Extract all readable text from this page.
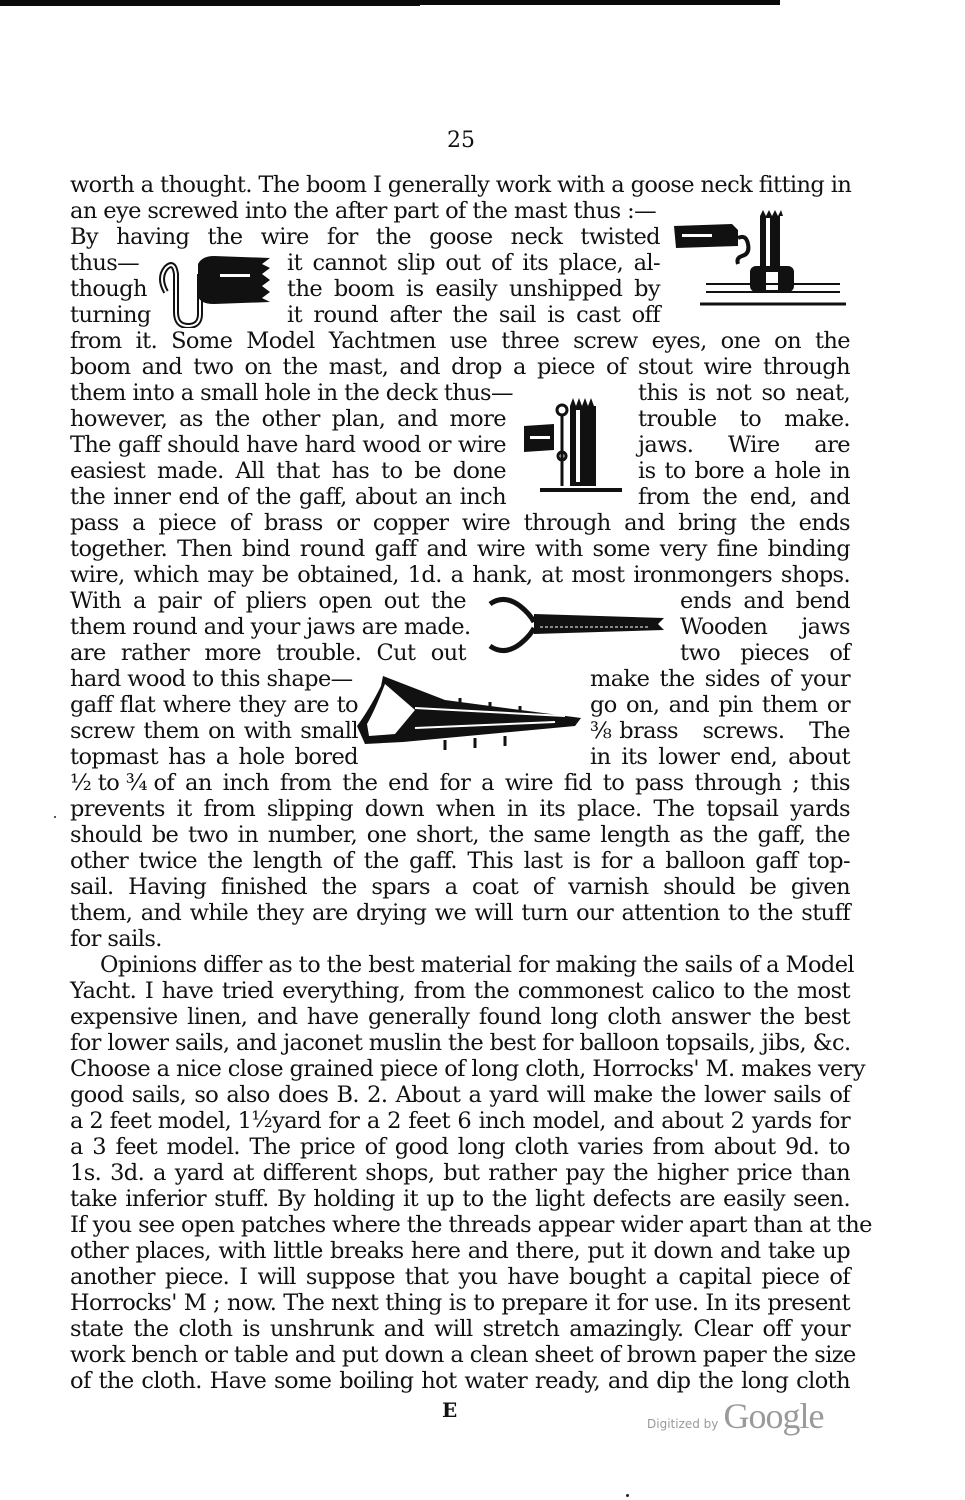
25
worth a thought. The boom I generally work with a goose neck fitting in
an eye screwed into the after part of the mast thus :—
By having the wire for the goose neck twisted
thus—	it cannot slip out of its place, al-
though	the boom is easily unshipped by
turning	it round after the sail is cast off
from it. Some Model Yachtmen use three screw eyes, one on the
boom and two on the mast, and drop a piece of stout wire through
them into a small hole in the deck thus—	this is not so neat,
however, as the other plan, and more	trouble to make.
The gaff should have hard wood or wire	jaws. Wire are
easiest made. All that has to be done	is to bore a hole in
the inner end of the gaff, about an inch	from the end, and
pass a piece of brass or copper wire through and bring the ends
together. Then bind round gaff and wire with some very fine binding
wire, which may be obtained, 1d. a hank, at most ironmongers shops.
With a pair of pliers open out the	ends and bend
them round and your jaws are made.	Wooden jaws
are rather more trouble. Cut out	two pieces of
hard wood to this shape—	make the sides of your
gaff flat where they are to	go on, and pin them or
screw them on with small	⅜ brass screws. The
topmast has a hole bored	in its lower end, about
½
to
¾
of an inch from the end for a wire fid to pass through ; this
prevents it from slipping down when in its place. The topsail yards
should be two in number, one short, the same length as the gaff, the
other twice the length of the gaff. This last is for a balloon gaff top-
sail. Having finished the spars a coat of varnish should be given
them, and while they are drying we will turn our attention to the stuff
for sails.
Opinions differ as to the best material for making the sails of a Model
Yacht. I have tried everything, from the commonest calico to the most
expensive linen, and have generally found long cloth answer the best
for lower sails, and jaconet muslin the best for balloon topsails, jibs, &c.
Choose a nice close grained piece of long cloth, Horrocks' M. makes very
good sails, so also does B. 2. About a yard will make the lower sails of
a 2 feet model, 1 ½ yard for a 2 feet 6 inch model, and about 2 yards for
a 3 feet model. The price of good long cloth varies from about 9d. to
1s. 3d. a yard at different shops, but rather pay the higher price than
take inferior stuff. By holding it up to the light defects are easily seen.
If you see open patches where the threads appear wider apart than at the
other places, with little breaks here and there, put it down and take up
another piece. I will suppose that you have bought a capital piece of
Horrocks' M ; now. The next thing is to prepare it for use. In its present
state the cloth is unshrunk and will stretch amazingly. Clear off your
work bench or table and put down a clean sheet of brown paper the size
of the cloth. Have some boiling hot water ready, and dip the long cloth
E
Digitized by Google
